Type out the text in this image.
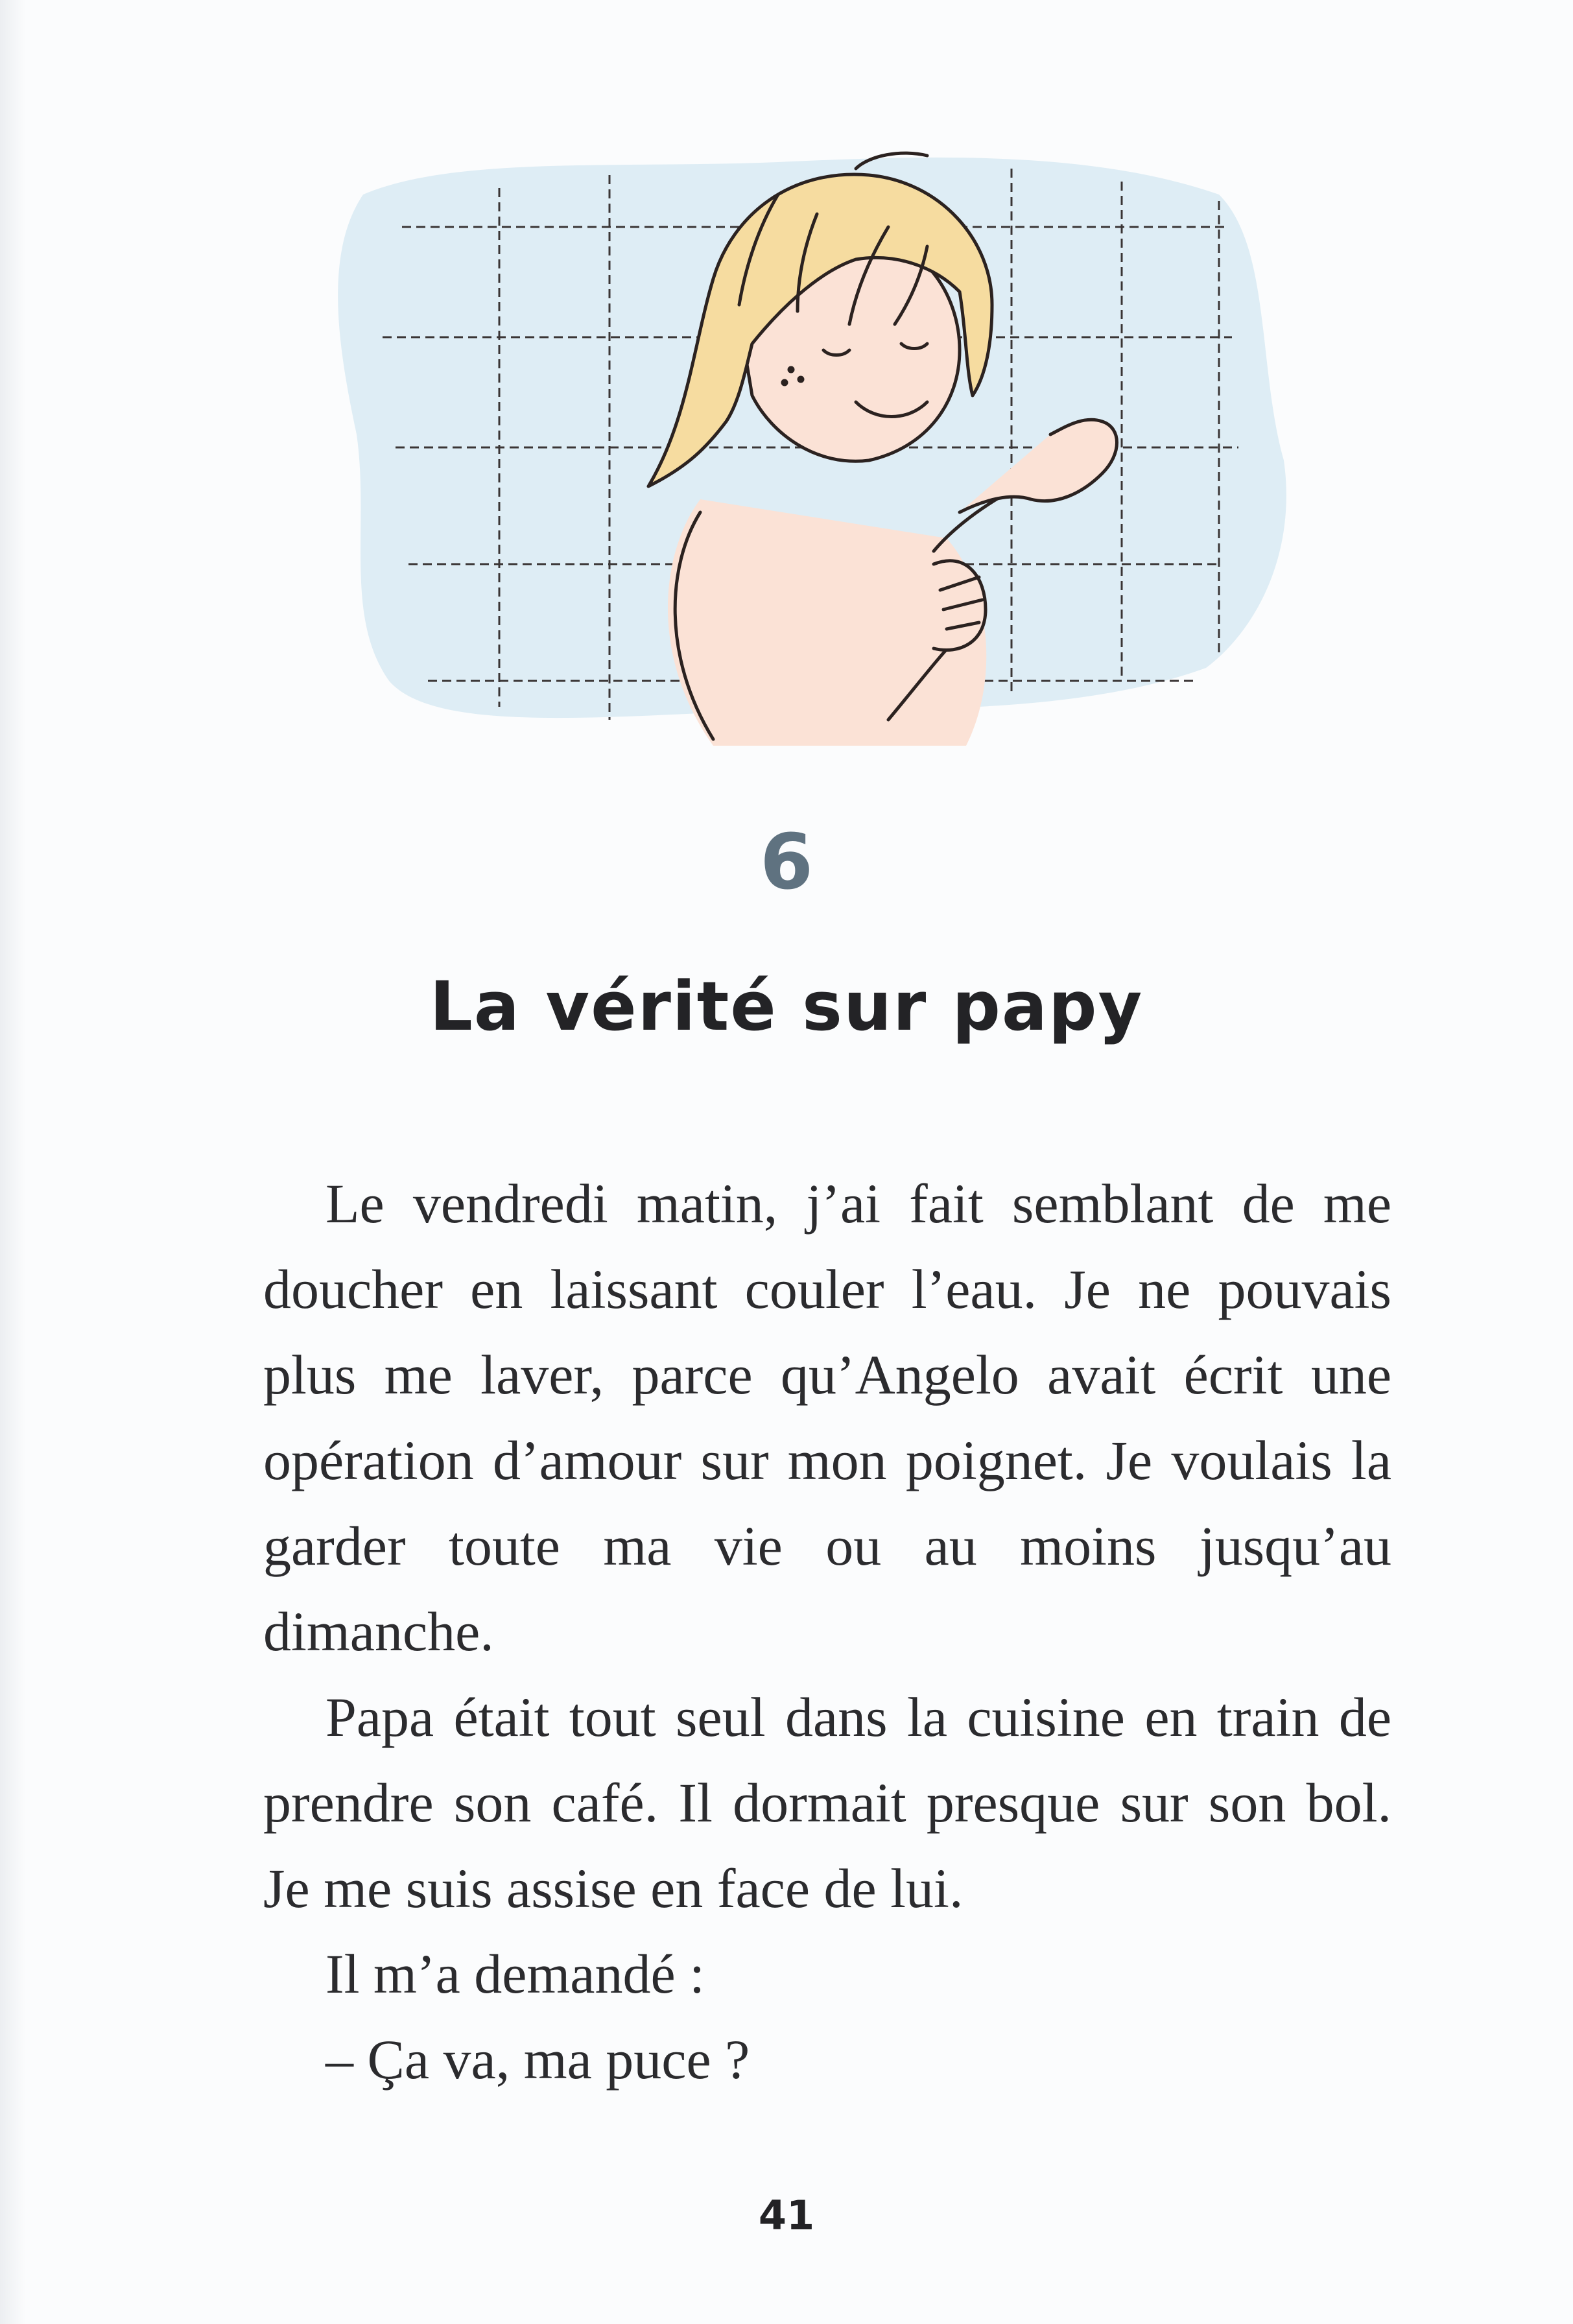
6
La vérité sur papy

Le vendredi matin, j’ai fait semblant de me doucher en laissant couler l’eau. Je ne pouvais plus me laver, parce qu’Angelo avait écrit une opération d’amour sur mon poignet. Je voulais la garder toute ma vie ou au moins jusqu’au dimanche.

Papa était tout seul dans la cuisine en train de prendre son café. Il dormait presque sur son bol. Je me suis assise en face de lui.

Il m’a demandé :

– Ça va, ma puce ?

41
